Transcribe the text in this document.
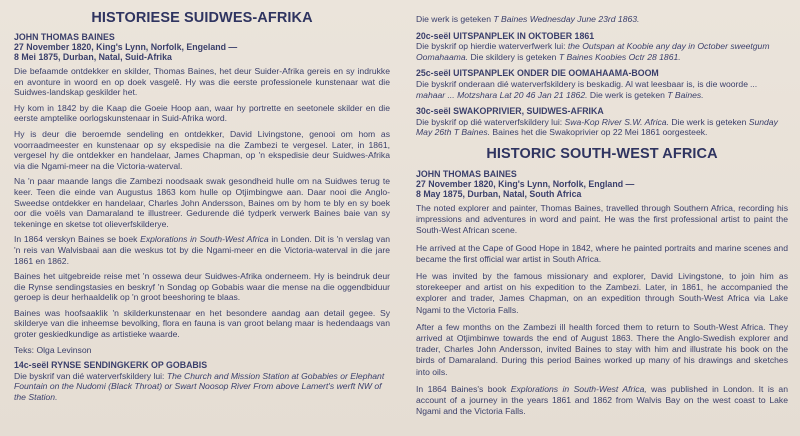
HISTORIESE SUIDWES-AFRIKA
JOHN THOMAS BAINES
27 November 1820, King's Lynn, Norfolk, Engeland —
8 Mei 1875, Durban, Natal, Suid-Afrika

Die befaamde ontdekker en skilder, Thomas Baines, het deur Suider-Afrika gereis en sy indrukke en avonture in woord en op doek vasgelê. Hy was die eerste professionele kunstenaar wat die Suidwes-landskap geskilder het.

Hy kom in 1842 by die Kaap die Goeie Hoop aan, waar hy portrette en seetonele skilder en die eerste amptelike oorlogskunstenaar in Suid-Afrika word.

Hy is deur die beroemde sendeling en ontdekker, David Livingstone, genooi om hom as voorraadmeester en kunstenaar op sy ekspedisie na die Zambezi te vergesel. Later, in 1861, vergesel hy die ontdekker en handelaar, James Chapman, op 'n ekspedisie deur Suidwes-Afrika via die Ngami-meer na die Victoria-waterval.

Na 'n paar maande langs die Zambezi noodsaak swak gesondheid hulle om na Suidwes terug te keer. Teen die einde van Augustus 1863 kom hulle op Otjimbingwe aan. Daar nooi die Anglo-Sweedse ontdekker en handelaar, Charles John Andersson, Baines om by hom te bly en sy boek oor die voëls van Damaraland te illustreer. Gedurende dié tydperk verwerk Baines baie van sy tekeninge en sketse tot olieverfskilderye.

In 1864 verskyn Baines se boek Explorations in South-West Africa in Londen. Dit is 'n verslag van 'n reis van Walvisbaai aan die weskus tot by die Ngami-meer en die Victoria-waterval in die jare 1861 en 1862.

Baines het uitgebreide reise met 'n ossewa deur Suidwes-Afrika onderneem. Hy is beindruk deur die Rynse sendingstasies en beskryf 'n Sondag op Gobabis waar die mense na die oggendbiduur geroep is deur herhaaldelik op 'n groot beeshoring te blaas.

Baines was hoofsaaklik 'n skilderkunstenaar en het besondere aandag aan detail gegee. Sy skilderye van die inheemse bevolking, flora en fauna is van groot belang maar is hedendaags van groter geskiedkundige as artistieke waarde.

Teks: Olga Levinson

14c-seël RYNSE SENDINGKERK OP GOBABIS
Die byskrif van dié waterverfskildery lui: The Church and Mission Station at Gobabies or Elephant Fountain on the Nudomi (Black Throat) or Swart Noosop River From above Lamert's werft NW of the Station.

Die werk is geteken T Baines Wednesday June 23rd 1863.

20c-seël UITSPANPLEK IN OKTOBER 1861
Die byskrif op hierdie waterverfwerk lui: the Outspan at Koobie any day in October sweetgum Oomahaama. Die skildery is geteken T Baines Koobies Octr 28 1861.
25c-seël UITSPANPLEK ONDER DIE OOMAHAAMA-BOOM
Die byskrif onderaan dié waterverfskildery is beskadig. Al wat leesbaar is, is die woorde ... mahaar ... Motzshara Lat 20 46 Jan 21 1862. Die werk is geteken T Baines.
30c-seël SWAKOPRIVIER, SUIDWES-AFRIKA
Die byskrif op dié waterverfskildery lui: Swa-Kop River S.W. Africa. Die werk is geteken Sunday May 26th T Baines. Baines het die Swakoprivier op 22 Mei 1861 oorgesteek.
HISTORIC SOUTH-WEST AFRICA
JOHN THOMAS BAINES
27 November 1820, King's Lynn, Norfolk, England —
8 May 1875, Durban, Natal, South Africa

The noted explorer and painter, Thomas Baines, travelled through Southern Africa, recording his impressions and adventures in word and paint. He was the first professional artist to paint the South-West African scene.

He arrived at the Cape of Good Hope in 1842, where he painted portraits and marine scenes and became the first official war artist in South Africa.

He was invited by the famous missionary and explorer, David Livingstone, to join him as storekeeper and artist on his expedition to the Zambezi. Later, in 1861, he accompanied the explorer and trader, James Chapman, on an expedition through South-West Africa via Lake Ngami to the Victoria Falls.

After a few months on the Zambezi ill health forced them to return to South-West Africa. They arrived at Otjimbinwe towards the end of August 1863. There the Anglo-Swedish explorer and trader, Charles John Andersson, invited Baines to stay with him and illustrate his book on the birds of Damaraland. During this period Baines worked up many of his drawings and sketches into oils.

In 1864 Baines's book Explorations in South-West Africa, was published in London. It is an account of a journey in the years 1861 and 1862 from Walvis Bay on the west coast to Lake Ngami and the Victoria Falls.
